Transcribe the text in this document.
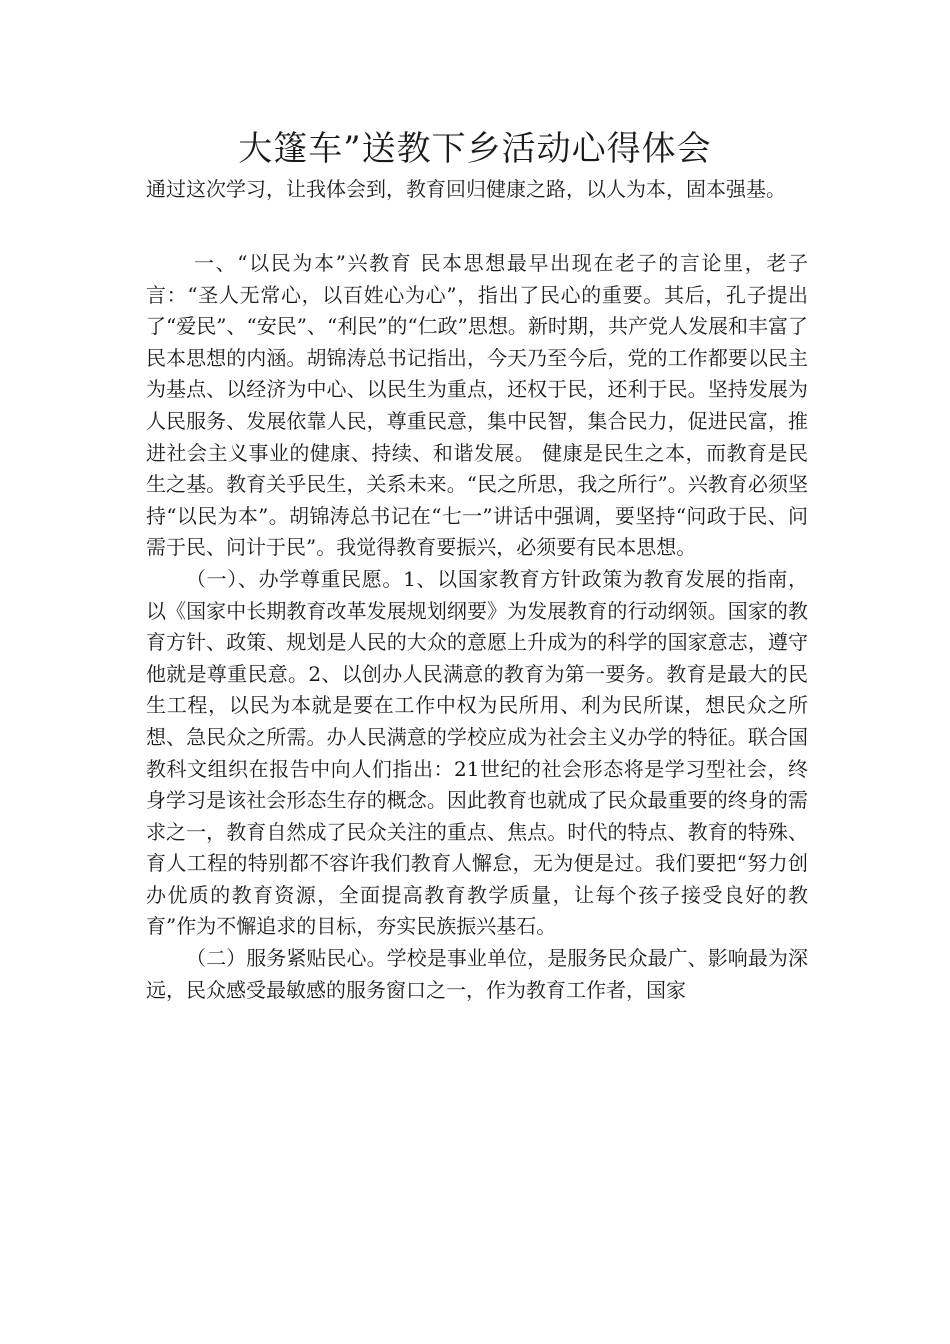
大篷车”送教下乡活动心得体会

通过这次学习，让我体会到，教育回归健康之路，以人为本，固本强基。

一、“以民为本”兴教育 民本思想最早出现在老子的言论里，老子言：“圣人无常心，以百姓心为心”，指出了民心的重要。其后，孔子提出了“爱民”、“安民”、“利民”的“仁政”思想。新时期，共产党人发展和丰富了民本思想的内涵。胡锦涛总书记指出，今天乃至今后，党的工作都要以民主为基点、以经济为中心、以民生为重点，还权于民，还利于民。坚持发展为人民服务、发展依靠人民，尊重民意，集中民智，集合民力，促进民富，推进社会主义事业的健康、持续、和谐发展。 健康是民生之本，而教育是民生之基。教育关乎民生，关系未来。“民之所思，我之所行”。兴教育必须坚持“以民为本”。胡锦涛总书记在“七一”讲话中强调，要坚持“问政于民、问需于民、问计于民”。我觉得教育要振兴，必须要有民本思想。

（一）、办学尊重民愿。1、以国家教育方针政策为教育发展的指南，以《国家中长期教育改革发展规划纲要》为发展教育的行动纲领。国家的教育方针、政策、规划是人民的大众的意愿上升成为的科学的国家意志，遵守他就是尊重民意。2、以创办人民满意的教育为第一要务。教育是最大的民生工程，以民为本就是要在工作中权为民所用、利为民所谋，想民众之所想、急民众之所需。办人民满意的学校应成为社会主义办学的特征。联合国教科文组织在报告中向人们指出：21世纪的社会形态将是学习型社会，终身学习是该社会形态生存的概念。因此教育也就成了民众最重要的终身的需求之一，教育自然成了民众关注的重点、焦点。时代的特点、教育的特殊、育人工程的特别都不容许我们教育人懈怠，无为便是过。我们要把“努力创办优质的教育资源，全面提高教育教学质量，让每个孩子接受良好的教育”作为不懈追求的目标，夯实民族振兴基石。

（二）服务紧贴民心。学校是事业单位，是服务民众最广、影响最为深远，民众感受最敏感的服务窗口之一，作为教育工作者，国家
